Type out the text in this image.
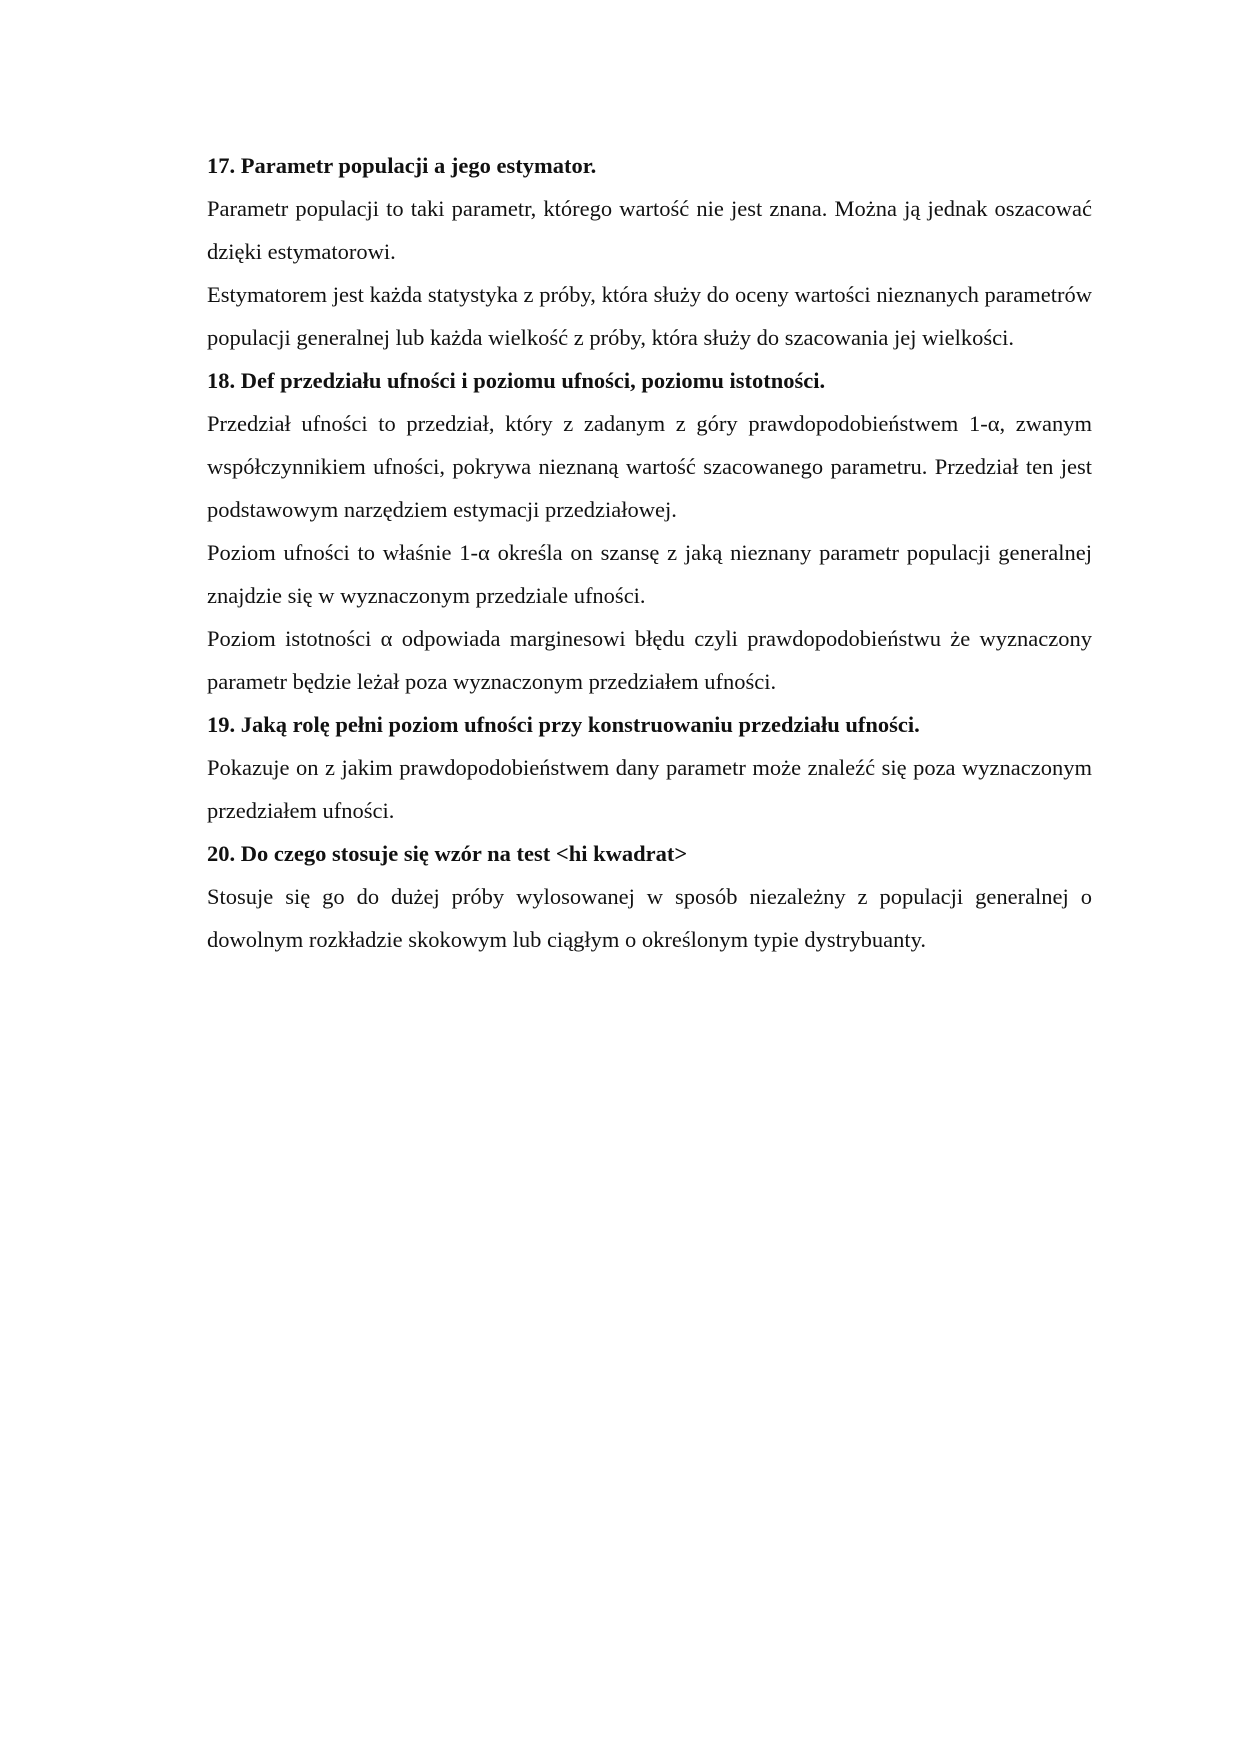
17. Parametr populacji a jego estymator.

Parametr populacji to taki parametr, którego wartość nie jest znana. Można ją jednak oszacować dzięki estymatorowi.

Estymatorem jest każda statystyka z próby, która służy do oceny wartości nieznanych parametrów populacji generalnej lub każda wielkość z próby, która służy do szacowania jej wielkości.

18. Def przedziału ufności i poziomu ufności, poziomu istotności.

Przedział ufności to przedział, który z zadanym z góry prawdopodobieństwem 1-α, zwanym współczynnikiem ufności, pokrywa nieznaną wartość szacowanego parametru. Przedział ten jest podstawowym narzędziem estymacji przedziałowej.

Poziom ufności to właśnie 1-α określa on szansę z jaką nieznany parametr populacji generalnej znajdzie się w wyznaczonym przedziale ufności.

Poziom istotności α odpowiada marginesowi błędu czyli prawdopodobieństwu że wyznaczony parametr będzie leżał poza wyznaczonym przedziałem ufności.

19. Jaką rolę pełni poziom ufności przy konstruowaniu przedziału ufności.

Pokazuje on z jakim prawdopodobieństwem dany parametr może znaleźć się poza wyznaczonym przedziałem ufności.

20. Do czego stosuje się wzór na test <hi kwadrat>

Stosuje się go do dużej próby wylosowanej w sposób niezależny z populacji generalnej o dowolnym rozkładzie skokowym lub ciągłym o określonym typie dystrybuanty.
